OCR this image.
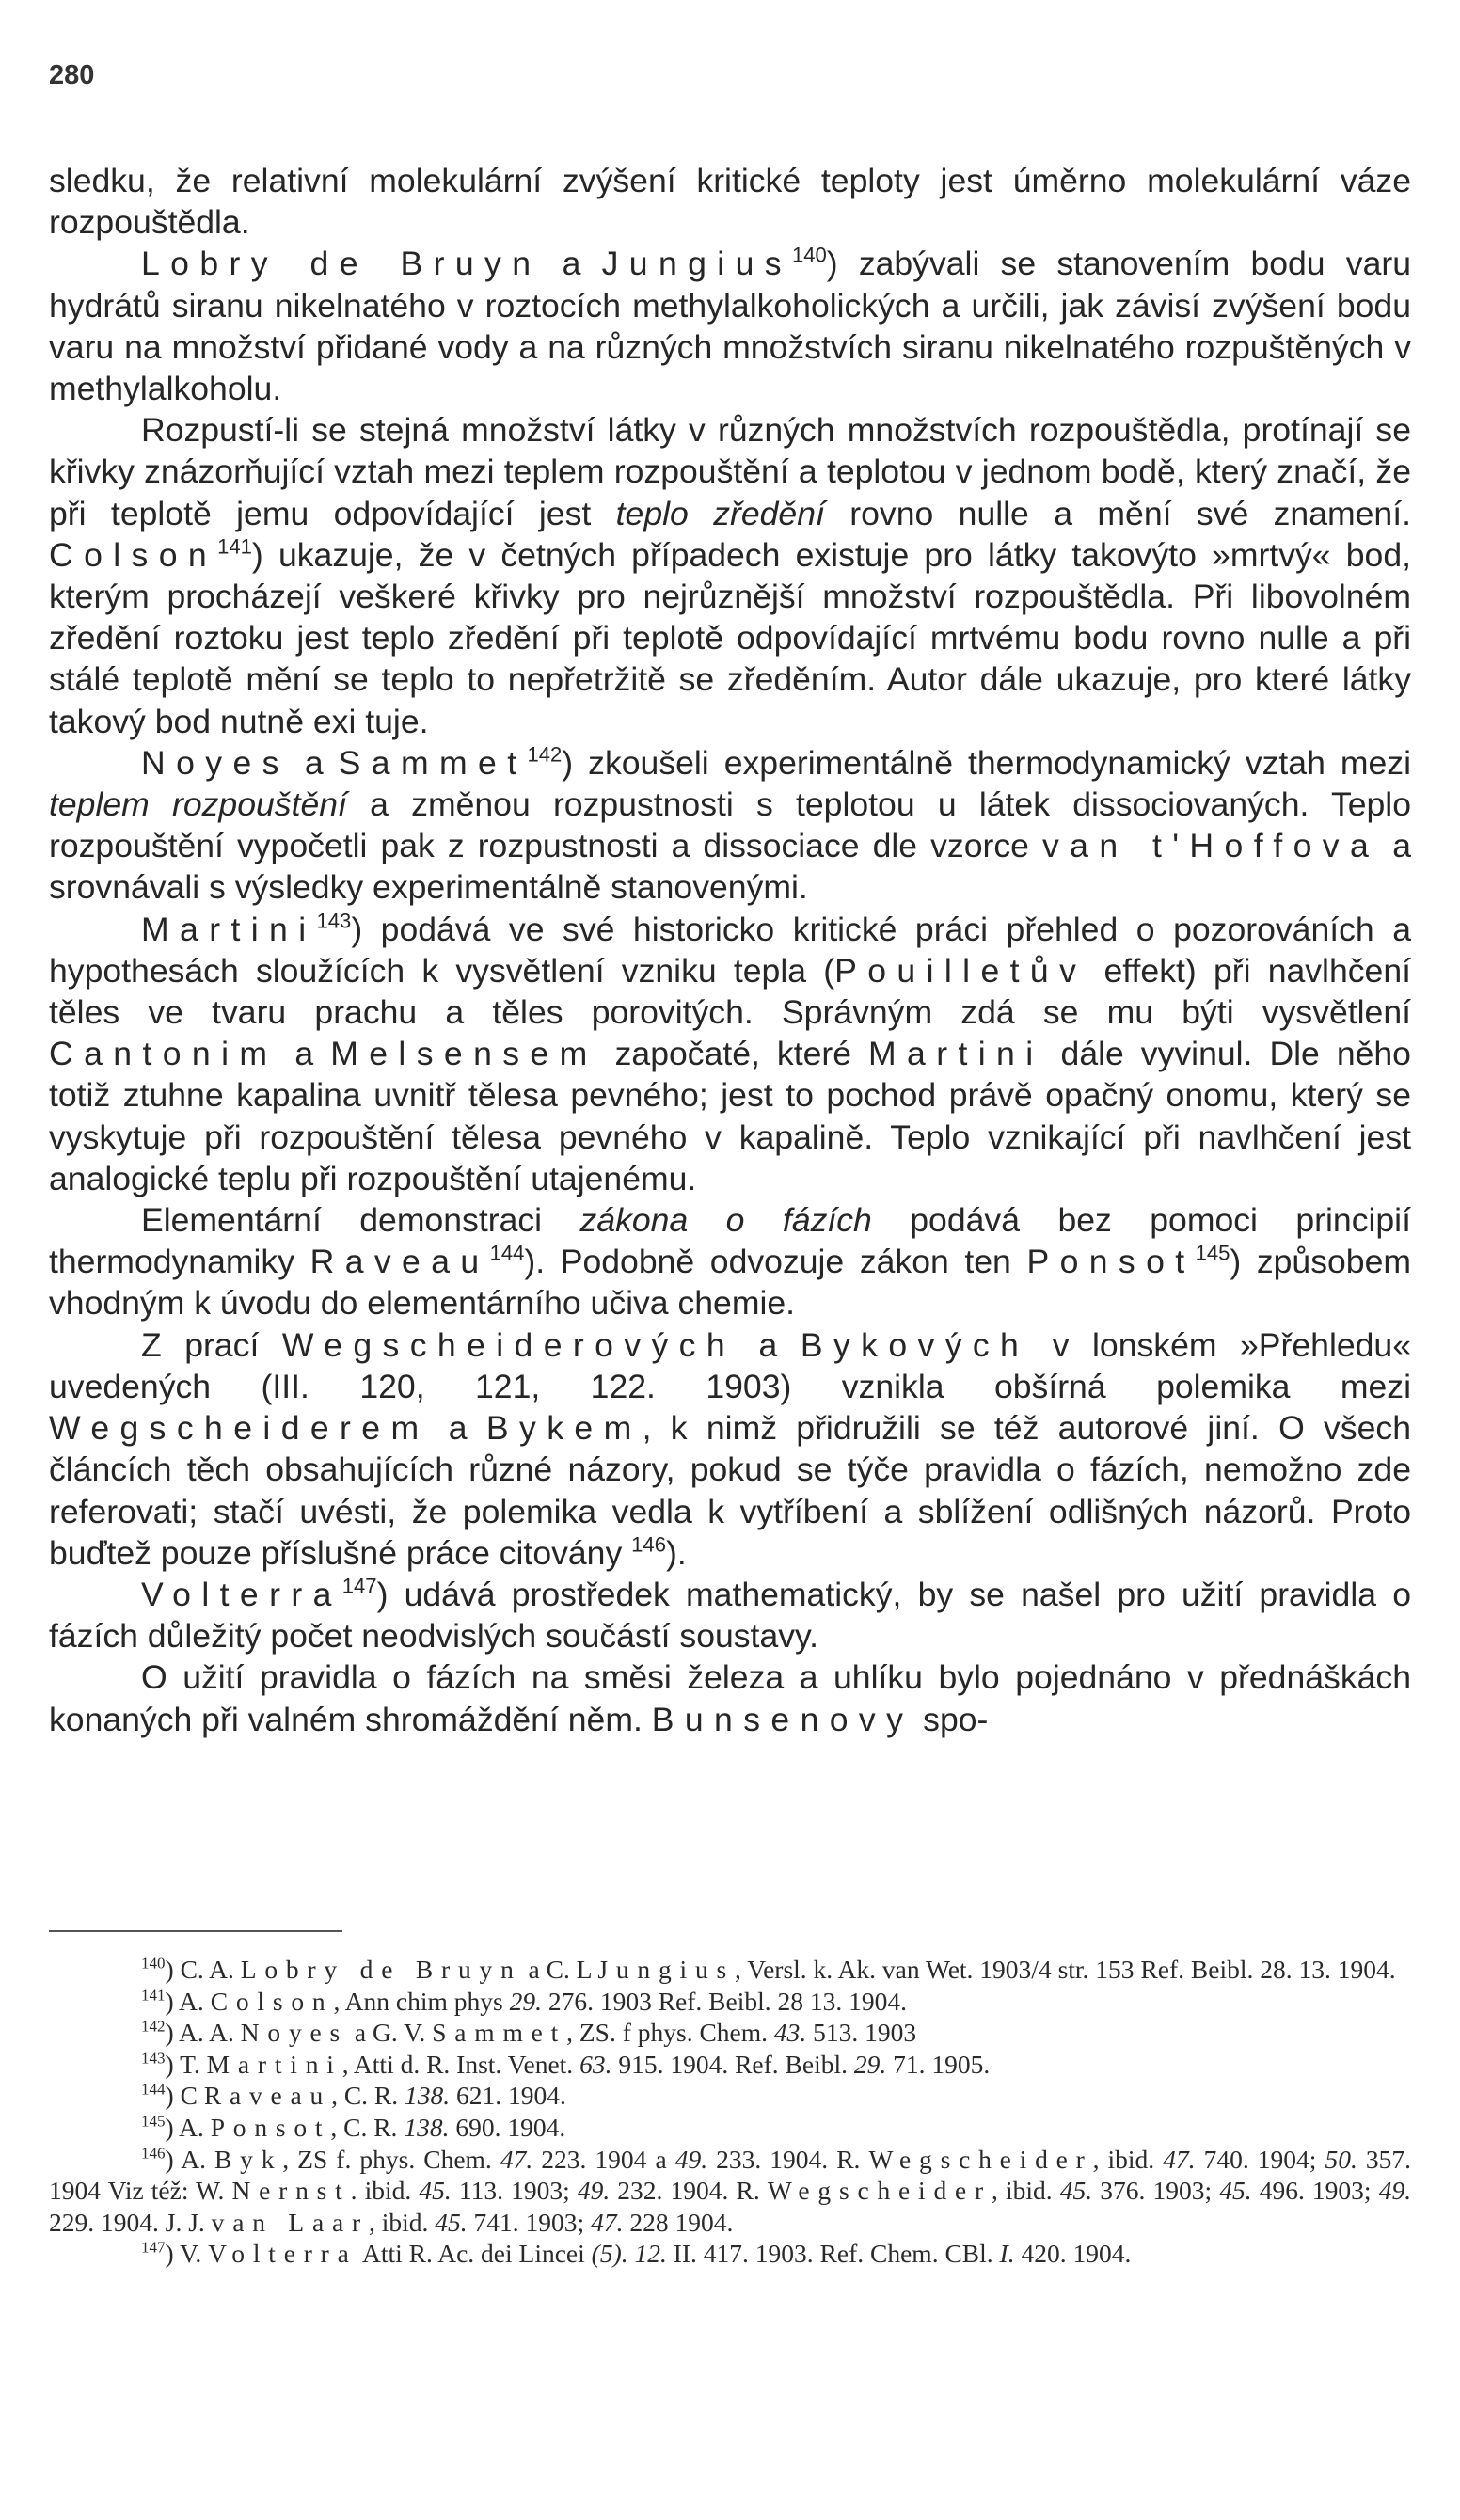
280

sledku, že relativní molekulární zvýšení kritické teploty jest úměrno molekulární váze rozpouštědla.

Lobry de Bruyn a Jungius$^{140}$) zabývali se stanovením bodu varu hydrátů siranu nikelnatého v roztocích methylalkoholických a určili, jak závisí zvýšení bodu varu na množství přidané vody a na různých množstvích siranu nikelnatého rozpuštěných v methylalkoholu.

Rozpustí-li se stejná množství látky v různých množstvích rozpouštědla, protínají se křivky znázorňující vztah mezi teplem rozpouštění a teplotou v jednom bodě, který značí, že při teplotě jemu odpovídající jest teplo zředění rovno nulle a mění své znamení. Colson$^{141}$) ukazuje, že v četných případech existuje pro látky takovýto »mrtvý« bod, kterým procházejí veškeré křivky pro nejrůznější množství rozpouštědla. Při libovolném zředění roztoku jest teplo zředění při teplotě odpovídající mrtvému bodu rovno nulle a při stálé teplotě mění se teplo to nepřetržitě se zředěním. Autor dále ukazuje, pro které látky takový bod nutně exi tuje.

Noyes a Sammet$^{142}$) zkoušeli experimentálně thermodynamický vztah mezi teplem rozpouštění a změnou rozpustnosti s teplotou u látek dissociovaných. Teplo rozpouštění vypočetli pak z rozpustnosti a dissociace dle vzorce van t'Hoffova a srovnávali s výsledky experimentálně stanovenými.

Martini$^{143}$) podává ve své historicko kritické práci přehled o pozorováních a hypothesách sloužících k vysvětlení vzniku tepla (Pouilletův effekt) při navlhčení těles ve tvaru prachu a těles porovitých. Správným zdá se mu býti vysvětlení Cantonim a Melsensem započaté, které Martini dále vyvinul. Dle něho totiž ztuhne kapalina uvnitř tělesa pevného; jest to pochod právě opačný onomu, který se vyskytuje při rozpouštění tělesa pevného v kapalině. Teplo vznikající při navlhčení jest analogické teplu při rozpouštění utajenému.

Elementární demonstraci zákona o fázích podává bez pomoci principií thermodynamiky Raveau$^{144}$). Podobně odvozuje zákon ten Ponsot$^{145}$) způsobem vhodným k úvodu do elementárního učiva chemie.

Z prací Wegscheiderových a Bykových v lonském »Přehledu« uvedených (III. 120, 121, 122. 1903) vznikla obšírná polemika mezi Wegscheiderem a Bykem, k nimž přidružili se též autorové jiní. O všech článcích těch obsahujících různé názory, pokud se týče pravidla o fázích, nemožno zde referovati; stačí uvésti, že polemika vedla k vytříbení a sblížení odlišných názorů. Proto buďtež pouze příslušné práce citovány $^{146}$).

Volterra$^{147}$) udává prostředek mathematický, by se našel pro užití pravidla o fázích důležitý počet neodvislých součástí soustavy.

O užití pravidla o fázích na směsi železa a uhlíku bylo pojednáno v přednáškách konaných při valném shromáždění něm. Bunsenovy spo-

$^{140}$) C. A. Lobry de Bruyn a C. L Jungius, Versl. k. Ak. van Wet. 1903/4 str. 153 Ref. Beibl. 28. 13. 1904.

$^{141}$) A. Colson, Ann chim phys 29. 276. 1903 Ref. Beibl. 28 13. 1904.

$^{142}$) A. A. Noyes a G. V. Sammet, ZS. f phys. Chem. 43. 513. 1903

$^{143}$) T. Martini, Atti d. R. Inst. Venet. 63. 915. 1904. Ref. Beibl. 29. 71. 1905.

$^{144}$) C Raveau, C. R. 138. 621. 1904.

$^{145}$) A. Ponsot, C. R. 138. 690. 1904.

$^{146}$) A. Byk, ZS f. phys. Chem. 47. 223. 1904 a 49. 233. 1904. R. Wegscheider, ibid. 47. 740. 1904; 50. 357. 1904 Viz též: W. Nernst. ibid. 45. 113. 1903; 49. 232. 1904. R. Wegscheider, ibid. 45. 376. 1903; 45. 496. 1903; 49. 229. 1904. J. J. van Laar, ibid. 45. 741. 1903; 47. 228 1904.

$^{147}$) V. Volterra Atti R. Ac. dei Lincei (5). 12. II. 417. 1903. Ref. Chem. CBl. I. 420. 1904.
